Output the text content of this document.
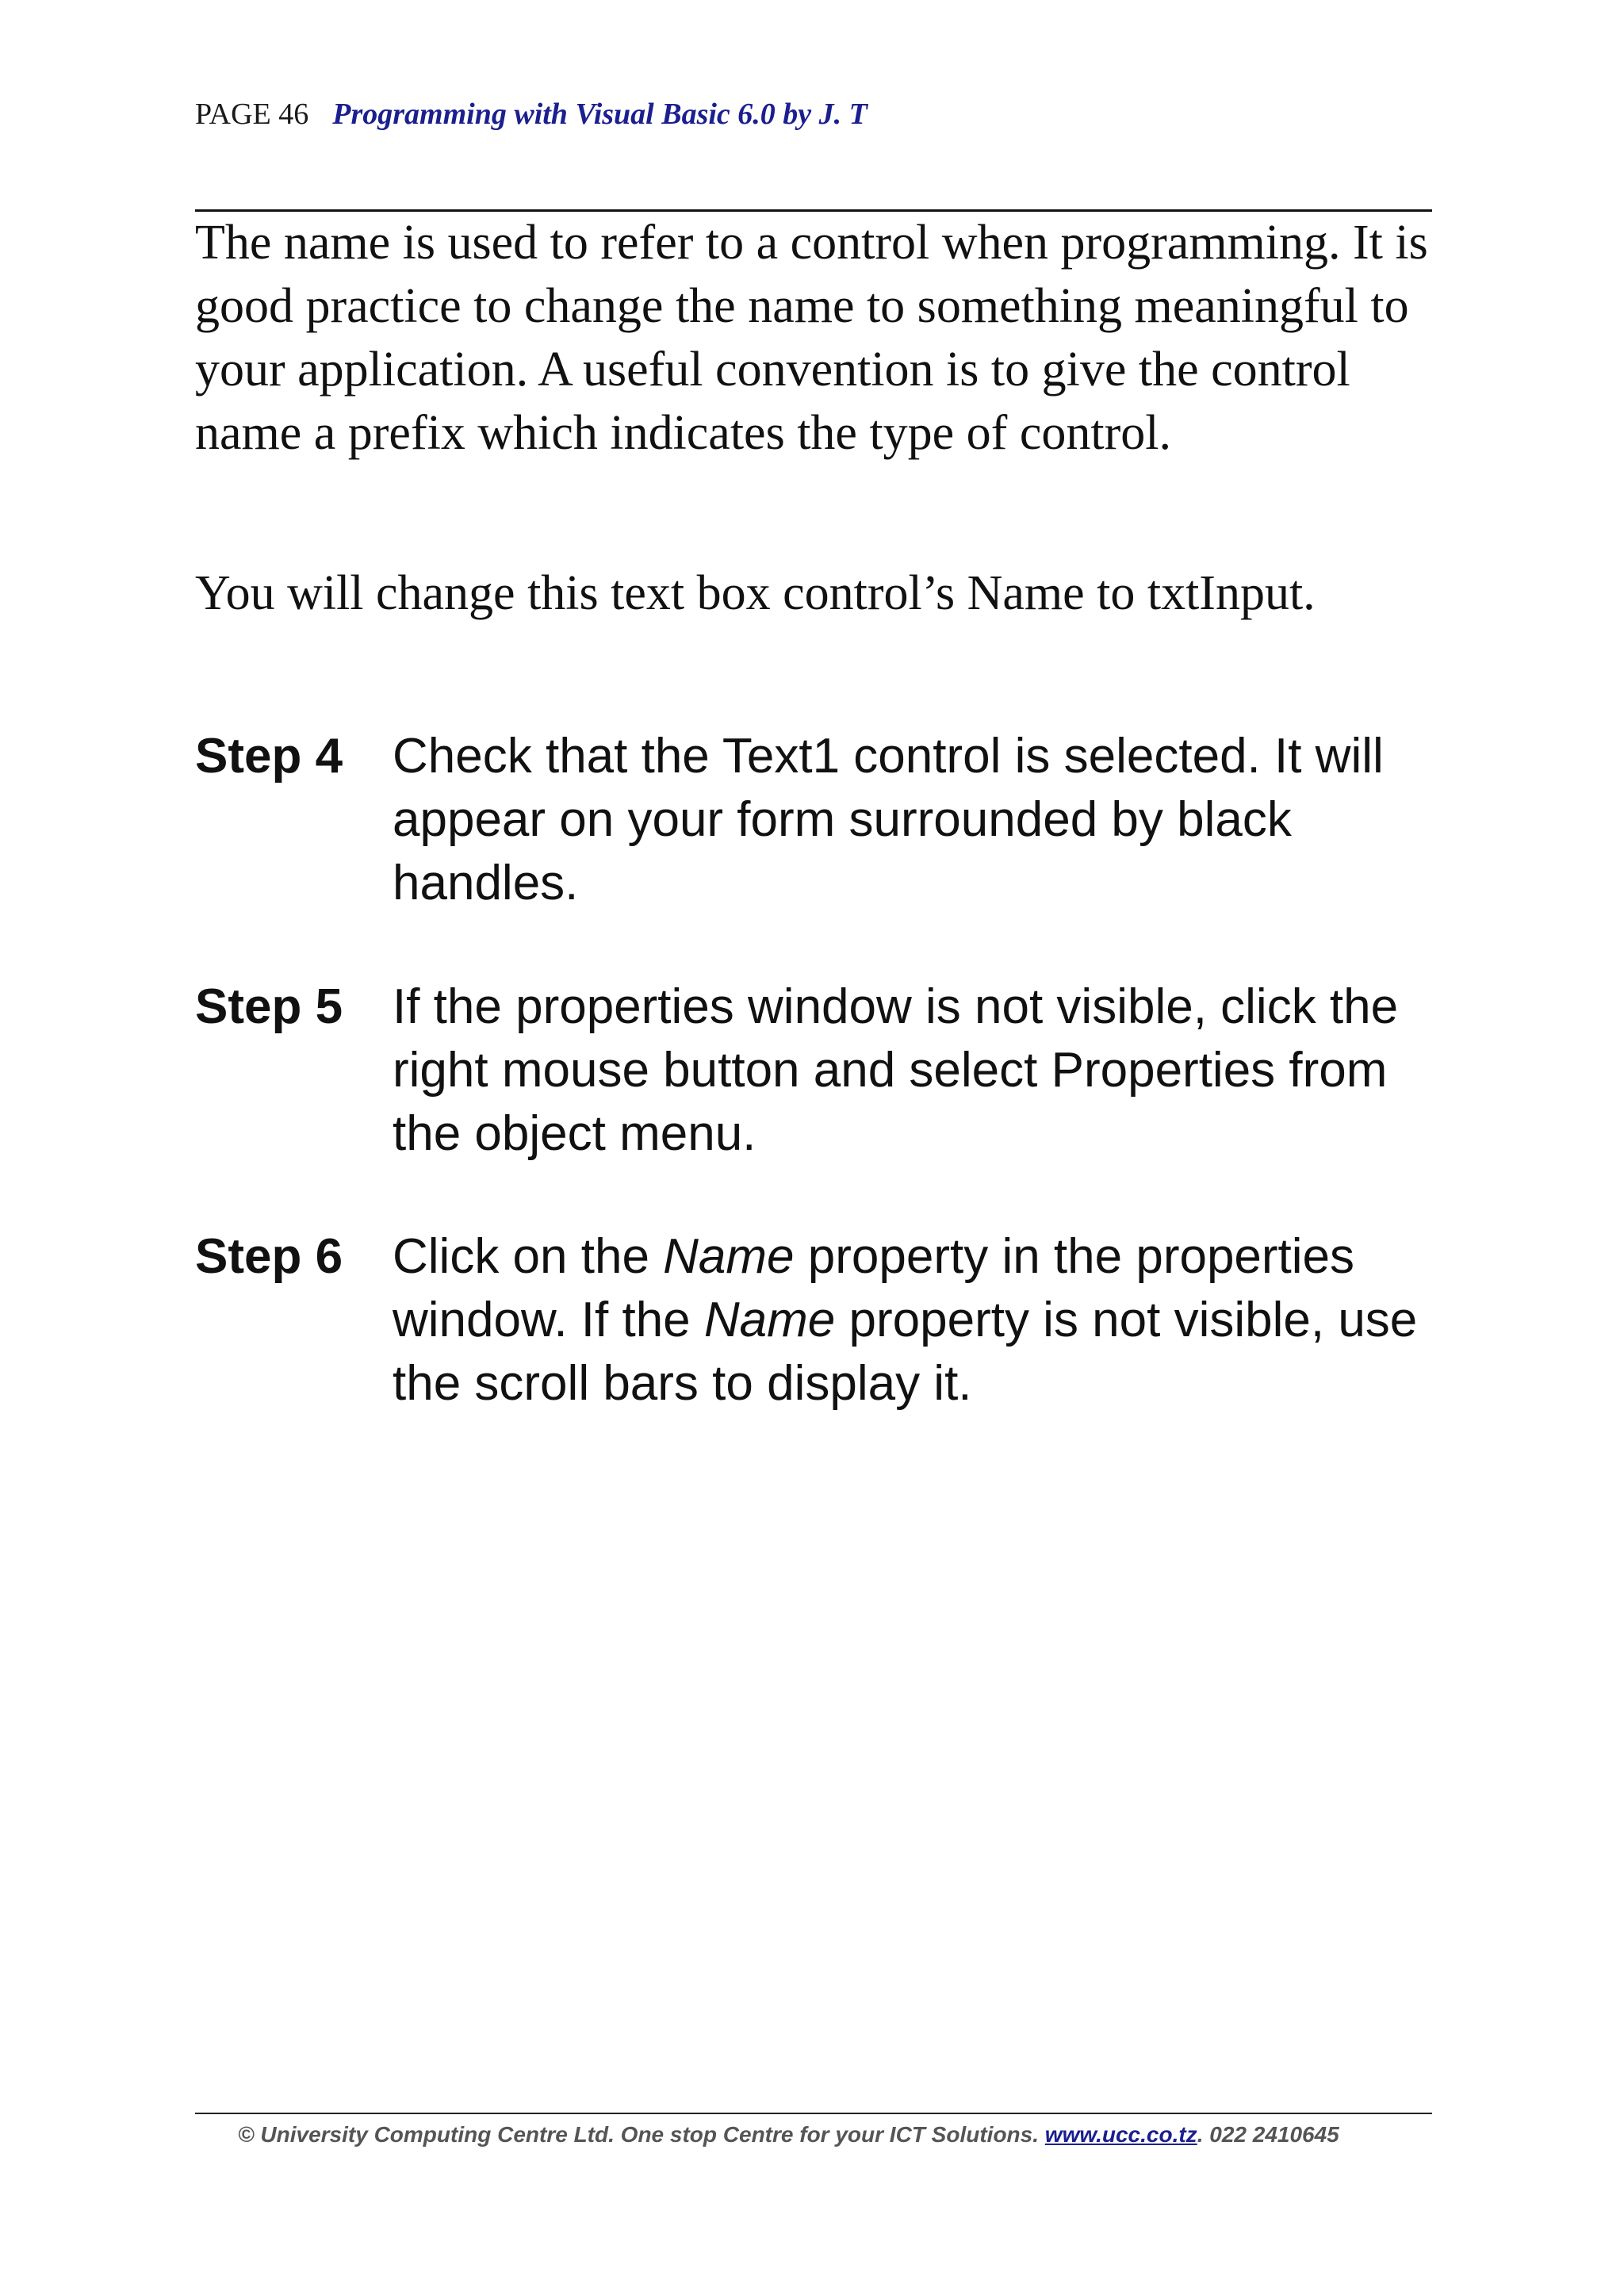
PAGE 46 Programming with Visual Basic 6.0 by J. T

The name is used to refer to a control when programming. It is good practice to change the name to something meaningful to your application. A useful convention is to give the control name a prefix which indicates the type of control.

You will change this text box control’s Name to txtInput.

Step 4 Check that the Text1 control is selected. It will appear on your form surrounded by black handles.
Step 5 If the properties window is not visible, click the right mouse button and select Properties from the object menu.
Step 6 Click on the Name property in the properties window. If the Name property is not visible, use the scroll bars to display it.
© University Computing Centre Ltd. One stop Centre for your ICT Solutions. www.ucc.co.tz. 022 2410645
